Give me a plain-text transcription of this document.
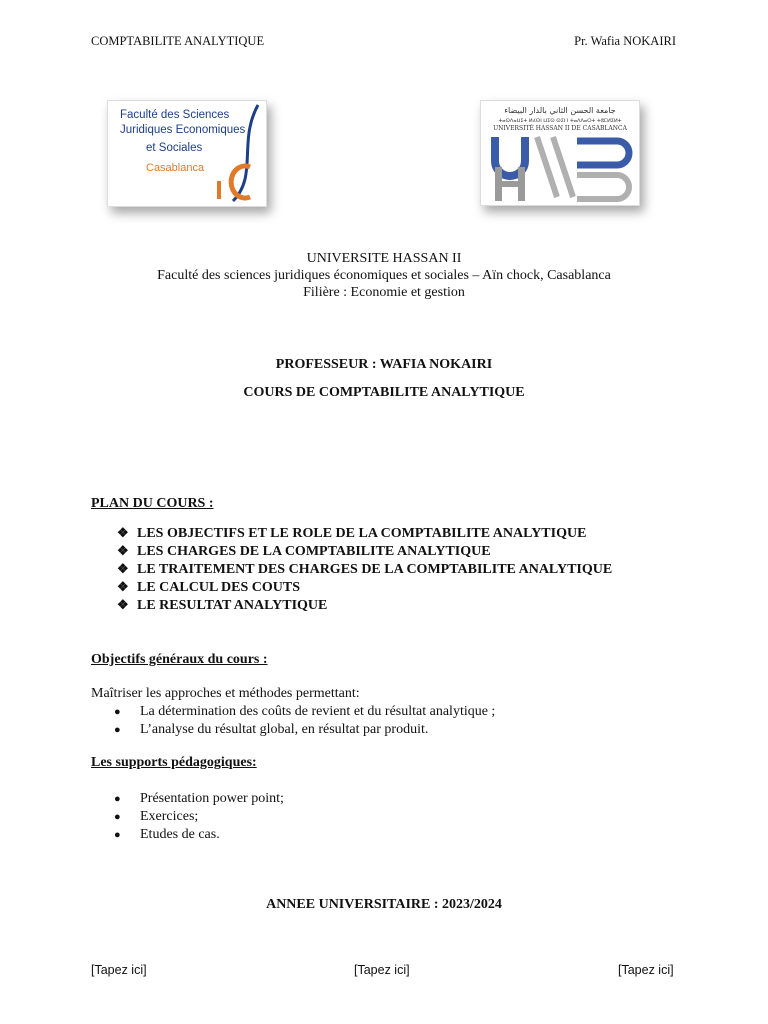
COMPTABILITE ANALYTIQUE	Pr. Wafia NOKAIRI
Faculté des Sciences
Juridiques Economiques
et Sociales
Casablanca
جامعة الحسن الثاني بالدار البيضاء
ⵜⴰⵙⴷⴰⵡⵉⵜ ⵍⵃⵙⵏ ⵡⵉⵙ ⵙⵉⵏ ⵏ ⵜⴰⴷⴷⴰⵔⵜ ⵜⵓⵎⵍⵉⵍⵜ
UNIVERSITÉ HASSAN II DE CASABLANCA
UNIVERSITE HASSAN II
Faculté des sciences juridiques économiques et sociales – Aïn chock, Casablanca
Filière : Economie et gestion
PROFESSEUR : WAFIA NOKAIRI
COURS DE COMPTABILITE ANALYTIQUE
PLAN DU COURS :
❖ LES OBJECTIFS ET LE ROLE DE LA COMPTABILITE ANALYTIQUE
❖ LES CHARGES DE LA COMPTABILITE ANALYTIQUE
❖ LE TRAITEMENT DES CHARGES DE LA COMPTABILITE ANALYTIQUE
❖ LE CALCUL DES COUTS
❖ LE RESULTAT ANALYTIQUE
Objectifs généraux du cours :
Maîtriser les approches et méthodes permettant:
● La détermination des coûts de revient et du résultat analytique ;
● L’analyse du résultat global, en résultat par produit.
Les supports pédagogiques:
● Présentation power point;
● Exercices;
● Etudes de cas.
ANNEE UNIVERSITAIRE : 2023/2024
[Tapez ici]	[Tapez ici]	[Tapez ici]
